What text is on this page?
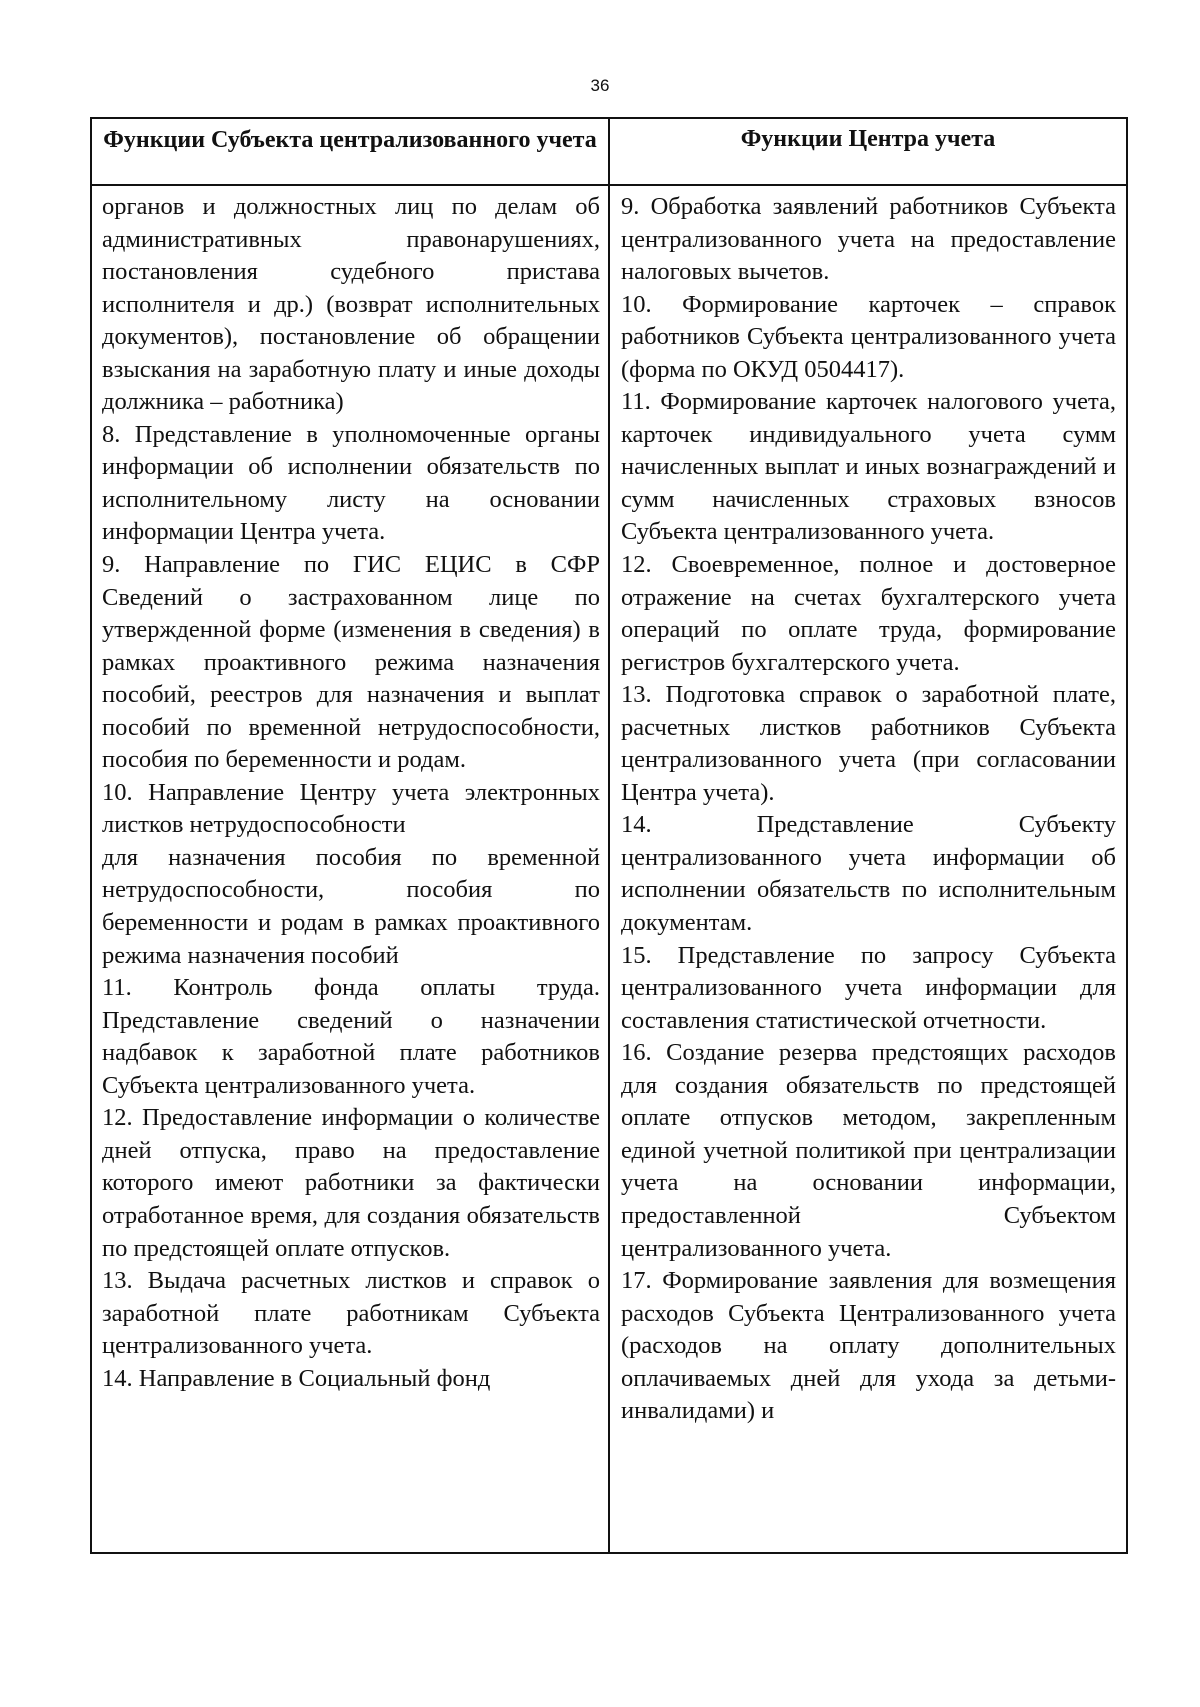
36
Функции Субъекта централизованного учета	Функции Центра учета

органов и должностных лиц по делам об административных правонарушениях, постановления судебного пристава исполнителя и др.) (возврат исполнительных документов), постановление об обращении взыскания на заработную плату и иные доходы должника – работника)

8. Представление в уполномоченные органы информации об исполнении обязательств по исполнительному листу на основании информации Центра учета.

9. Направление по ГИС ЕЦИС в СФР Сведений о застрахованном лице по утвержденной форме (изменения в сведения) в рамках проактивного режима назначения пособий, реестров для назначения и выплат пособий по временной нетрудоспособности, пособия по беременности и родам.

10. Направление Центру учета электронных листков нетрудоспособности

для назначения пособия по временной нетрудоспособности, пособия по беременности и родам в рамках проактивного режима назначения пособий

11. Контроль фонда оплаты труда. Представление сведений о назначении надбавок к заработной плате работников Субъекта централизованного учета.

12. Предоставление информации о количестве дней отпуска, право на предоставление которого имеют работники за фактически отработанное время, для создания обязательств по предстоящей оплате отпусков.

13. Выдача расчетных листков и справок о заработной плате работникам Субъекта централизованного учета.

14. Направление в Социальный фонд

9. Обработка заявлений работников Субъекта централизованного учета на предоставление налоговых вычетов.

10. Формирование карточек – справок работников Субъекта централизованного учета (форма по ОКУД 0504417).

11. Формирование карточек налогового учета, карточек индивидуального учета сумм начисленных выплат и иных вознаграждений и сумм начисленных страховых взносов Субъекта централизованного учета.

12. Своевременное, полное и достоверное отражение на счетах бухгалтерского учета операций по оплате труда, формирование регистров бухгалтерского учета.

13. Подготовка справок о заработной плате, расчетных листков работников Субъекта централизованного учета (при согласовании Центра учета).

14. Представление Субъекту централизованного учета информации об исполнении обязательств по исполнительным документам.

15. Представление по запросу Субъекта централизованного учета информации для составления статистической отчетности.

16. Создание резерва предстоящих расходов для создания обязательств по предстоящей оплате отпусков методом, закрепленным единой учетной политикой при централизации учета на основании информации, предоставленной Субъектом централизованного учета.

17. Формирование заявления для возмещения расходов Субъекта Централизованного учета (расходов на оплату дополнительных оплачиваемых дней для ухода за детьми-инвалидами) и
